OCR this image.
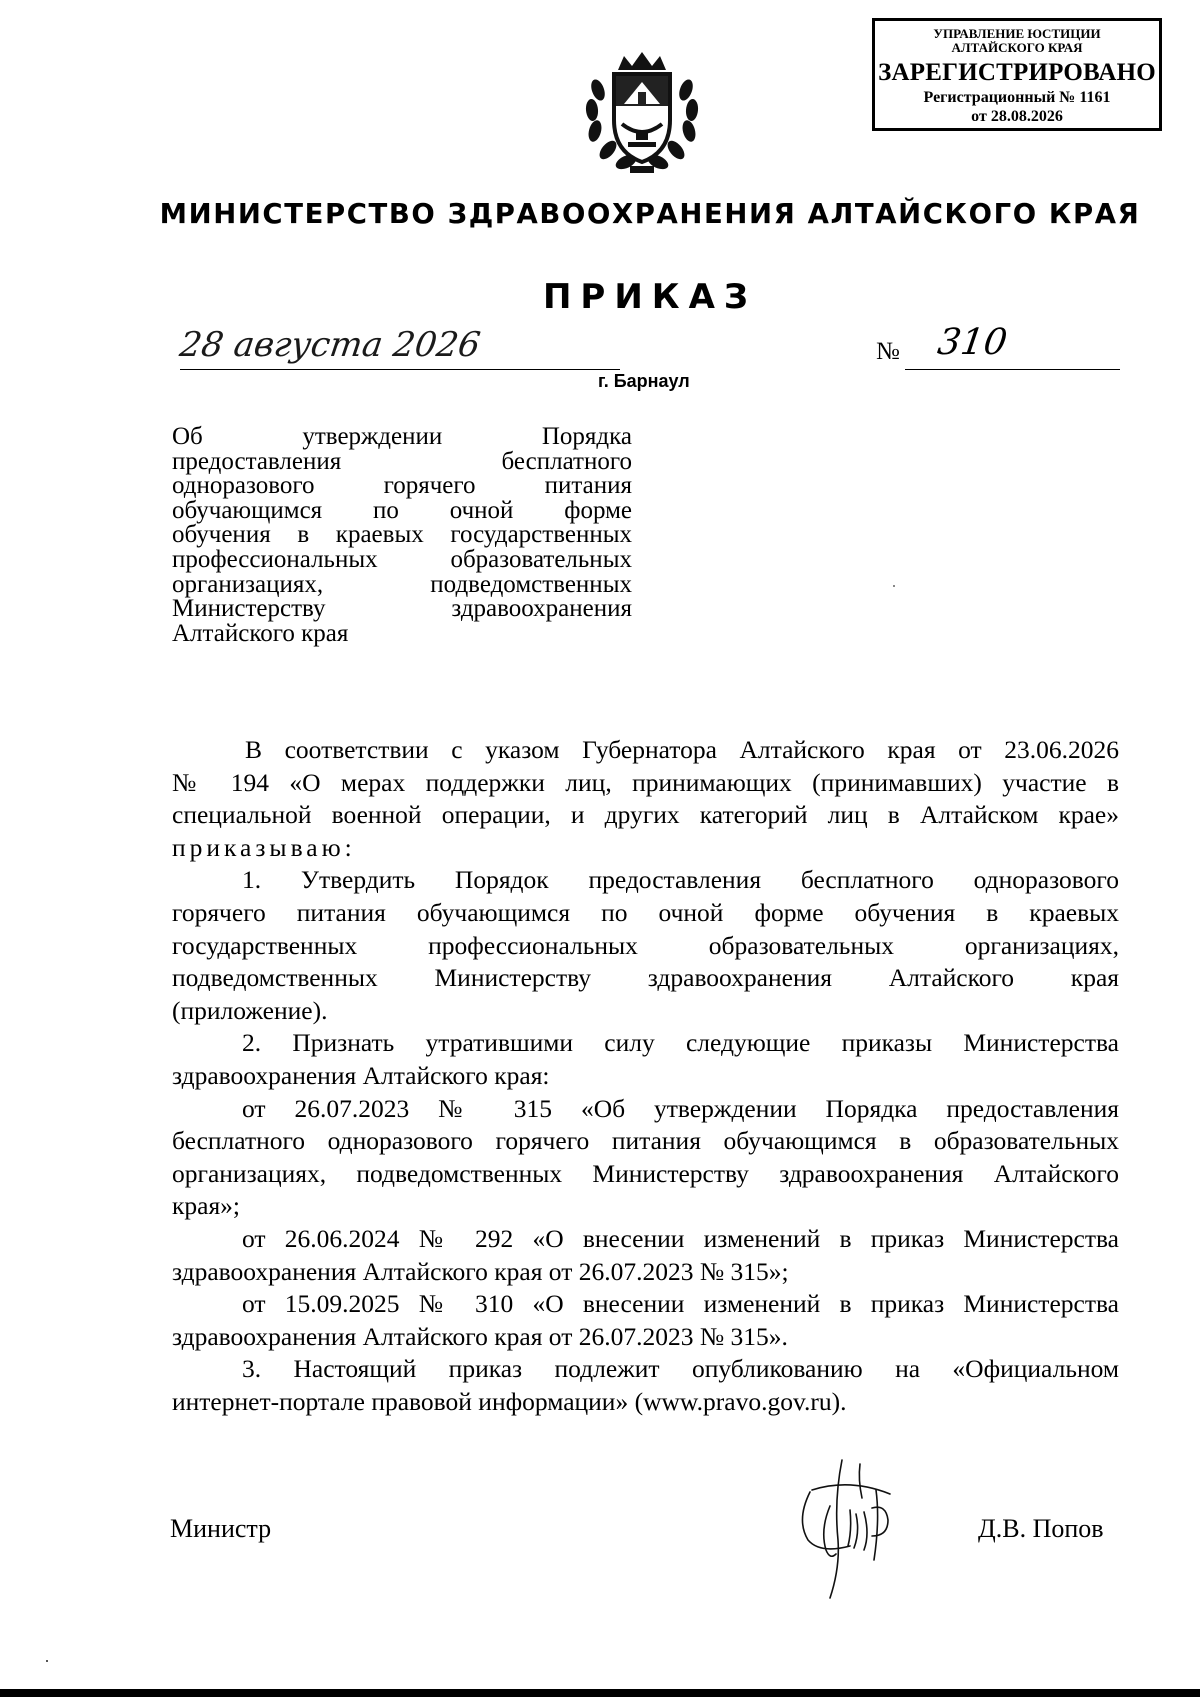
УПРАВЛЕНИЕ ЮСТИЦИИ
АЛТАЙСКОГО КРАЯ
ЗАРЕГИСТРИРОВАНО
Регистрационный № 1161
от 28.08.2026
МИНИСТЕРСТВО ЗДРАВООХРАНЕНИЯ АЛТАЙСКОГО КРАЯ
ПРИКАЗ
28 августа 2026
г. Барнаул
№ 310
Об утверждении Порядка
предоставления бесплатного
одноразового горячего питания
обучающимся по очной форме
обучения в краевых государственных
профессиональных образовательных
организациях, подведомственных
Министерству здравоохранения
Алтайского края
В соответствии с указом Губернатора Алтайского края от 23.06.2026
№ 194 «О мерах поддержки лиц, принимающих (принимавших) участие в
специальной военной операции, и других категорий лиц в Алтайском крае»
приказываю:
1. Утвердить Порядок предоставления бесплатного одноразового
горячего питания обучающимся по очной форме обучения в краевых
государственных профессиональных образовательных организациях,
подведомственных Министерству здравоохранения Алтайского края
(приложение).
2. Признать утратившими силу следующие приказы Министерства
здравоохранения Алтайского края:
от 26.07.2023 № 315 «Об утверждении Порядка предоставления
бесплатного одноразового горячего питания обучающимся в образовательных
организациях, подведомственных Министерству здравоохранения Алтайского
края»;
от 26.06.2024 № 292 «О внесении изменений в приказ Министерства
здравоохранения Алтайского края от 26.07.2023 № 315»;
от 15.09.2025 № 310 «О внесении изменений в приказ Министерства
здравоохранения Алтайского края от 26.07.2023 № 315».
3. Настоящий приказ подлежит опубликованию на «Официальном
интернет-портале правовой информации» (www.pravo.gov.ru).
Министр	Д.В. Попов
